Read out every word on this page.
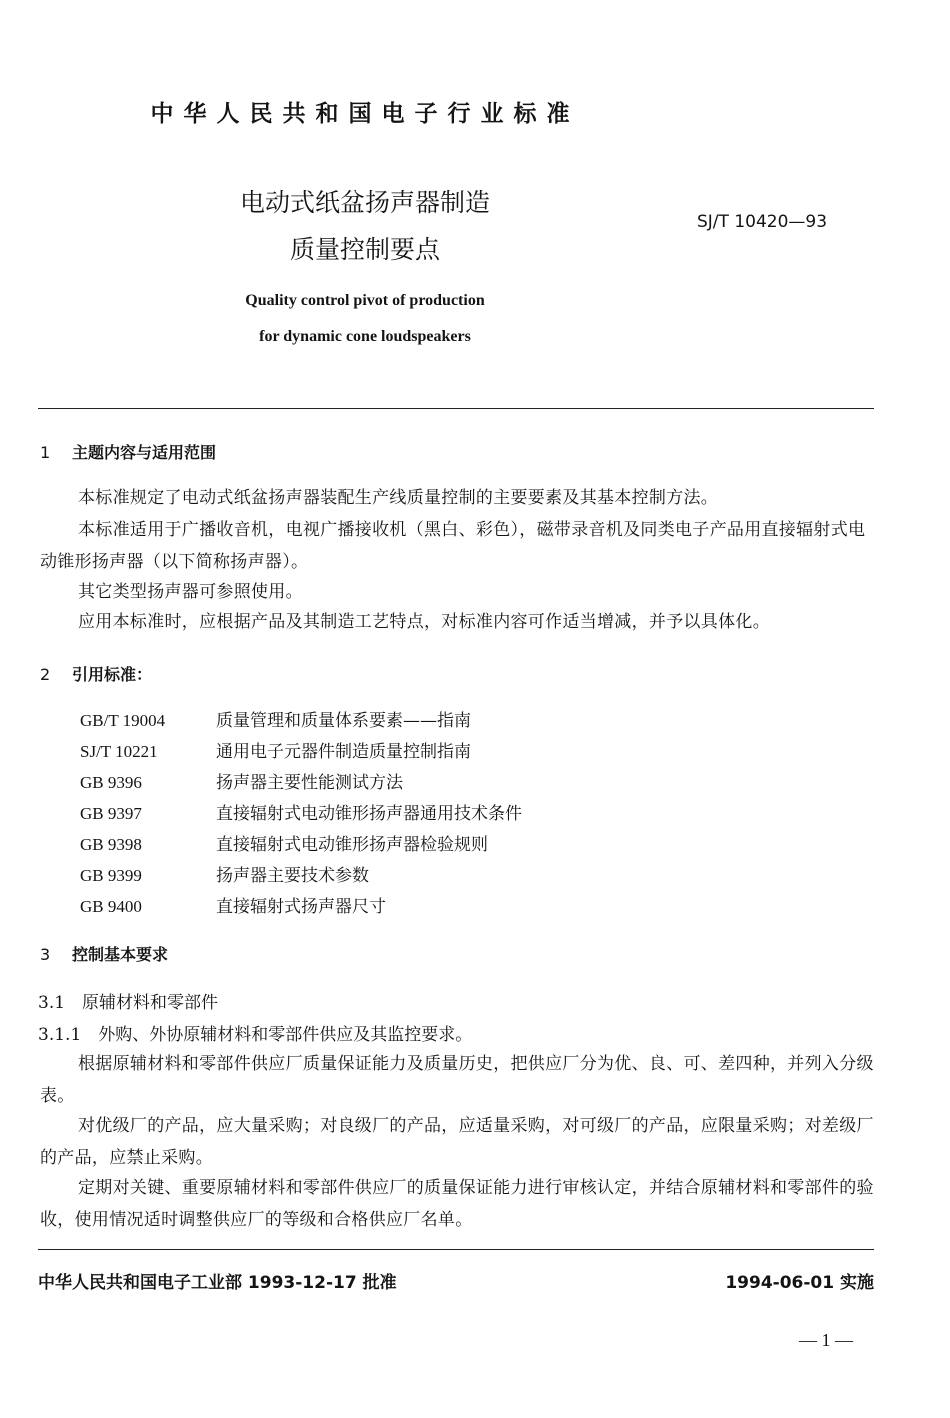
中华人民共和国电子行业标准
电动式纸盆扬声器制造
质量控制要点
SJ/T 10420—93
Quality control pivot of production
for dynamic cone loudspeakers
1 主题内容与适用范围
本标准规定了电动式纸盆扬声器装配生产线质量控制的主要要素及其基本控制方法。
本标准适用于广播收音机，电视广播接收机（黑白、彩色），磁带录音机及同类电子产品用直接辐射式电动锥形扬声器（以下简称扬声器）。
其它类型扬声器可参照使用。
应用本标准时，应根据产品及其制造工艺特点，对标准内容可作适当增减，并予以具体化。
2 引用标准：
GB/T 19004	质量管理和质量体系要素——指南
SJ/T 10221	通用电子元器件制造质量控制指南
GB 9396	扬声器主要性能测试方法
GB 9397	直接辐射式电动锥形扬声器通用技术条件
GB 9398	直接辐射式电动锥形扬声器检验规则
GB 9399	扬声器主要技术参数
GB 9400	直接辐射式扬声器尺寸
3 控制基本要求
3.1　原辅材料和零部件
3.1.1　外购、外协原辅材料和零部件供应及其监控要求。
根据原辅材料和零部件供应厂质量保证能力及质量历史，把供应厂分为优、良、可、差四种，并列入分级表。
对优级厂的产品，应大量采购；对良级厂的产品，应适量采购，对可级厂的产品，应限量采购；对差级厂的产品，应禁止采购。
定期对关键、重要原辅材料和零部件供应厂的质量保证能力进行审核认定，并结合原辅材料和零部件的验收，使用情况适时调整供应厂的等级和合格供应厂名单。
中华人民共和国电子工业部 1993-12-17 批准	1994-06-01 实施
— 1 —
